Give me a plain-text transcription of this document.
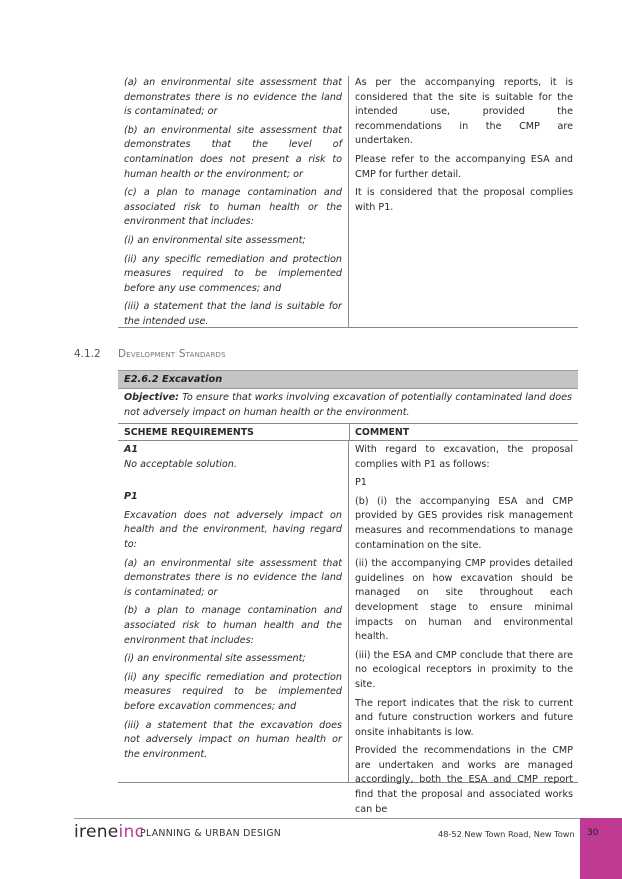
(a) an environmental site assessment that demonstrates there is no evidence the land is contaminated; or

(b) an environmental site assessment that demonstrates that the level of contamination does not present a risk to human health or the environment; or

(c) a plan to manage contamination and associated risk to human health or the environment that includes:

(i) an environmental site assessment;

(ii) any specific remediation and protection measures required to be implemented before any use commences; and

(iii) a statement that the land is suitable for the intended use.

As per the accompanying reports, it is considered that the site is suitable for the intended use, provided the recommendations in the CMP are undertaken.

Please refer to the accompanying ESA and CMP for further detail.

It is considered that the proposal complies with P1.

4.1.2 Development Standards
E2.6.2 Excavation

Objective: To ensure that works involving excavation of potentially contaminated land does not adversely impact on human health or the environment.

SCHEME REQUIREMENTS	COMMENT

A1

No acceptable solution.

P1

Excavation does not adversely impact on health and the environment, having regard to:

(a) an environmental site assessment that demonstrates there is no evidence the land is contaminated; or

(b) a plan to manage contamination and associated risk to human health and the environment that includes:

(i) an environmental site assessment;

(ii) any specific remediation and protection measures required to be implemented before excavation commences; and

(iii) a statement that the excavation does not adversely impact on human health or the environment.

With regard to excavation, the proposal complies with P1 as follows:

P1

(b) (i) the accompanying ESA and CMP provided by GES provides risk management measures and recommendations to manage contamination on the site.

(ii) the accompanying CMP provides detailed guidelines on how excavation should be managed on site throughout each development stage to ensure minimal impacts on human and environmental health.

(iii) the ESA and CMP conclude that there are no ecological receptors in proximity to the site.

The report indicates that the risk to current and future construction workers and future onsite inhabitants is low.

Provided the recommendations in the CMP are undertaken and works are managed accordingly, both the ESA and CMP report find that the proposal and associated works can be

ireneinc
PLANNING & URBAN DESIGN	48-52 New Town Road, New Town 30
